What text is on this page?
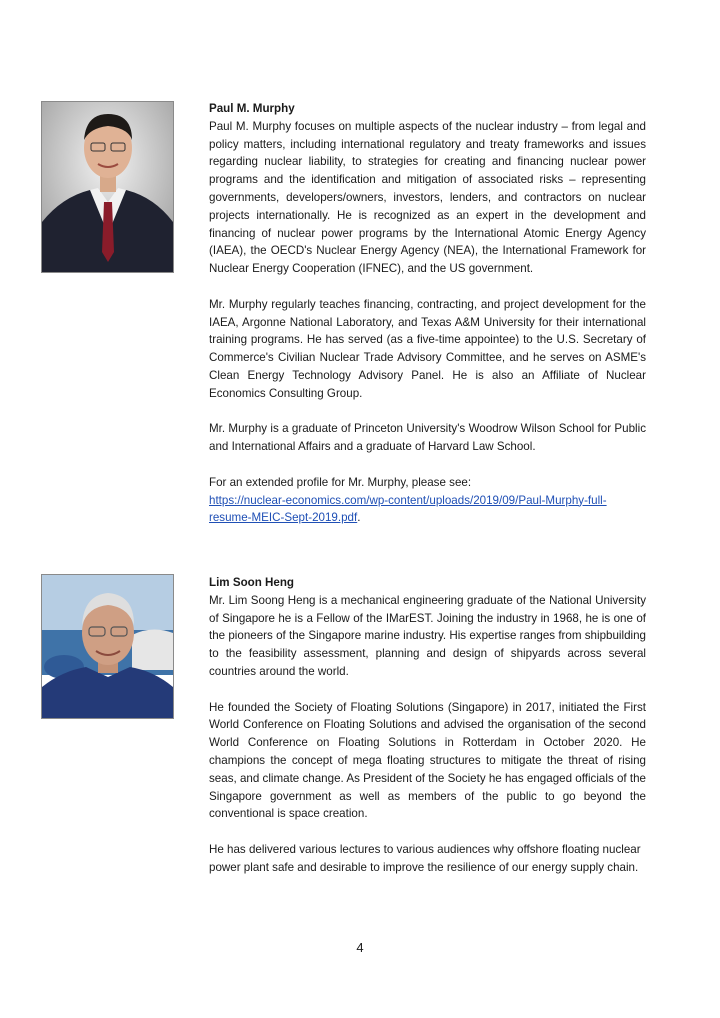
Paul M. Murphy
Paul M. Murphy focuses on multiple aspects of the nuclear industry – from legal and policy matters, including international regulatory and treaty frameworks and issues regarding nuclear liability, to strategies for creating and financing nuclear power programs and the identification and mitigation of associated risks – representing governments, developers/owners, investors, lenders, and contractors on nuclear projects internationally. He is recognized as an expert in the development and financing of nuclear power programs by the International Atomic Energy Agency (IAEA), the OECD's Nuclear Energy Agency (NEA), the International Framework for Nuclear Energy Cooperation (IFNEC), and the US government.

Mr. Murphy regularly teaches financing, contracting, and project development for the IAEA, Argonne National Laboratory, and Texas A&M University for their international training programs. He has served (as a five-time appointee) to the U.S. Secretary of Commerce's Civilian Nuclear Trade Advisory Committee, and he serves on ASME's Clean Energy Technology Advisory Panel. He is also an Affiliate of Nuclear Economics Consulting Group.

Mr. Murphy is a graduate of Princeton University's Woodrow Wilson School for Public and International Affairs and a graduate of Harvard Law School.

For an extended profile for Mr. Murphy, please see:
https://nuclear-economics.com/wp-content/uploads/2019/09/Paul-Murphy-full-resume-MEIC-Sept-2019.pdf.

Lim Soon Heng
Mr. Lim Soong Heng is a mechanical engineering graduate of the National University of Singapore he is a Fellow of the IMarEST. Joining the industry in 1968, he is one of the pioneers of the Singapore marine industry. His expertise ranges from shipbuilding to the feasibility assessment, planning and design of shipyards across several countries around the world.

He founded the Society of Floating Solutions (Singapore) in 2017, initiated the First World Conference on Floating Solutions and advised the organisation of the second World Conference on Floating Solutions in Rotterdam in October 2020. He champions the concept of mega floating structures to mitigate the threat of rising seas, and climate change. As President of the Society he has engaged officials of the Singapore government as well as members of the public to go beyond the conventional is space creation.

He has delivered various lectures to various audiences why offshore floating nuclear power plant safe and desirable to improve the resilience of our energy supply chain.

4
